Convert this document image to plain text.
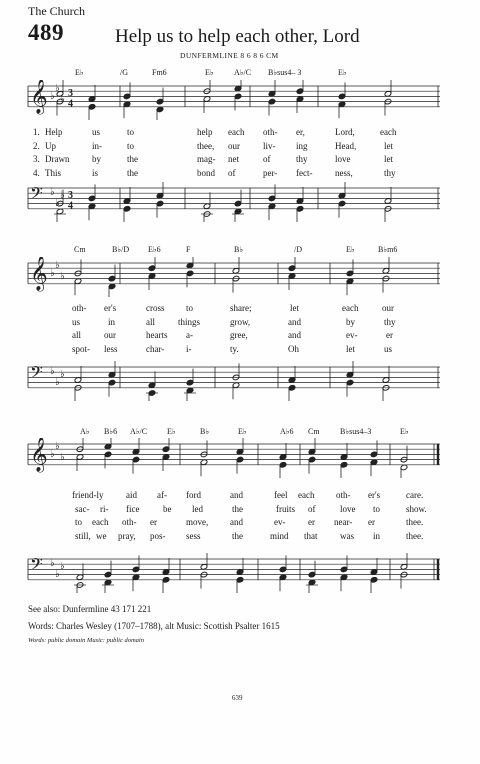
The Church
489	Help us to help each other, Lord
DUNFERMLINE 8 6 8 6 CM
E♭	/G	Fm6	E♭	A♭/C B♭sus4– 3	E♭
𝄞 ♭
♭
♭
3
4
1. Help	us	to	help each oth- er,	Lord,	each
2. Up	in-	to	thee, our	liv- ing	Head,	let
3. Drawn	by	the	mag- net	of	thy	love	let
4. This	is	the	bond of	per- fect-	ness,	thy
𝄢 ♭
♭
♭ 3
4
Cm	B♭/D E♭6	F	B♭	/D	E♭	B♭m6
𝄞 ♭
♭
♭
oth- er's	cross to	share;	let	each	our
us	in	all	things	grow,	and	by	thy
all	our	hearts a-	gree,	and	ev-	er
spot- less	char- i-	ty.	Oh	let	us
𝄢 ♭
♭
♭
A♭ B♭6 A♭/C E♭	B♭	E♭	A♭6 Cm	B♭sus4–3	E♭
𝄞 ♭
♭
♭
friend-ly	aid af- ford	and	feel each oth- er's	care.
sac- ri- fice	be led	the	fruits of	love to	show.
to each oth- er	move, and	ev-	er near- er	thee.
still, we pray, pos- sess	the	mind that	was in	thee.
𝄢 ♭
♭
♭
See also: Dunfermline 43 171 221
Words: Charles Wesley (1707–1788), alt Music: Scottish Psalter 1615
Words: public domain Music: public domain
639
